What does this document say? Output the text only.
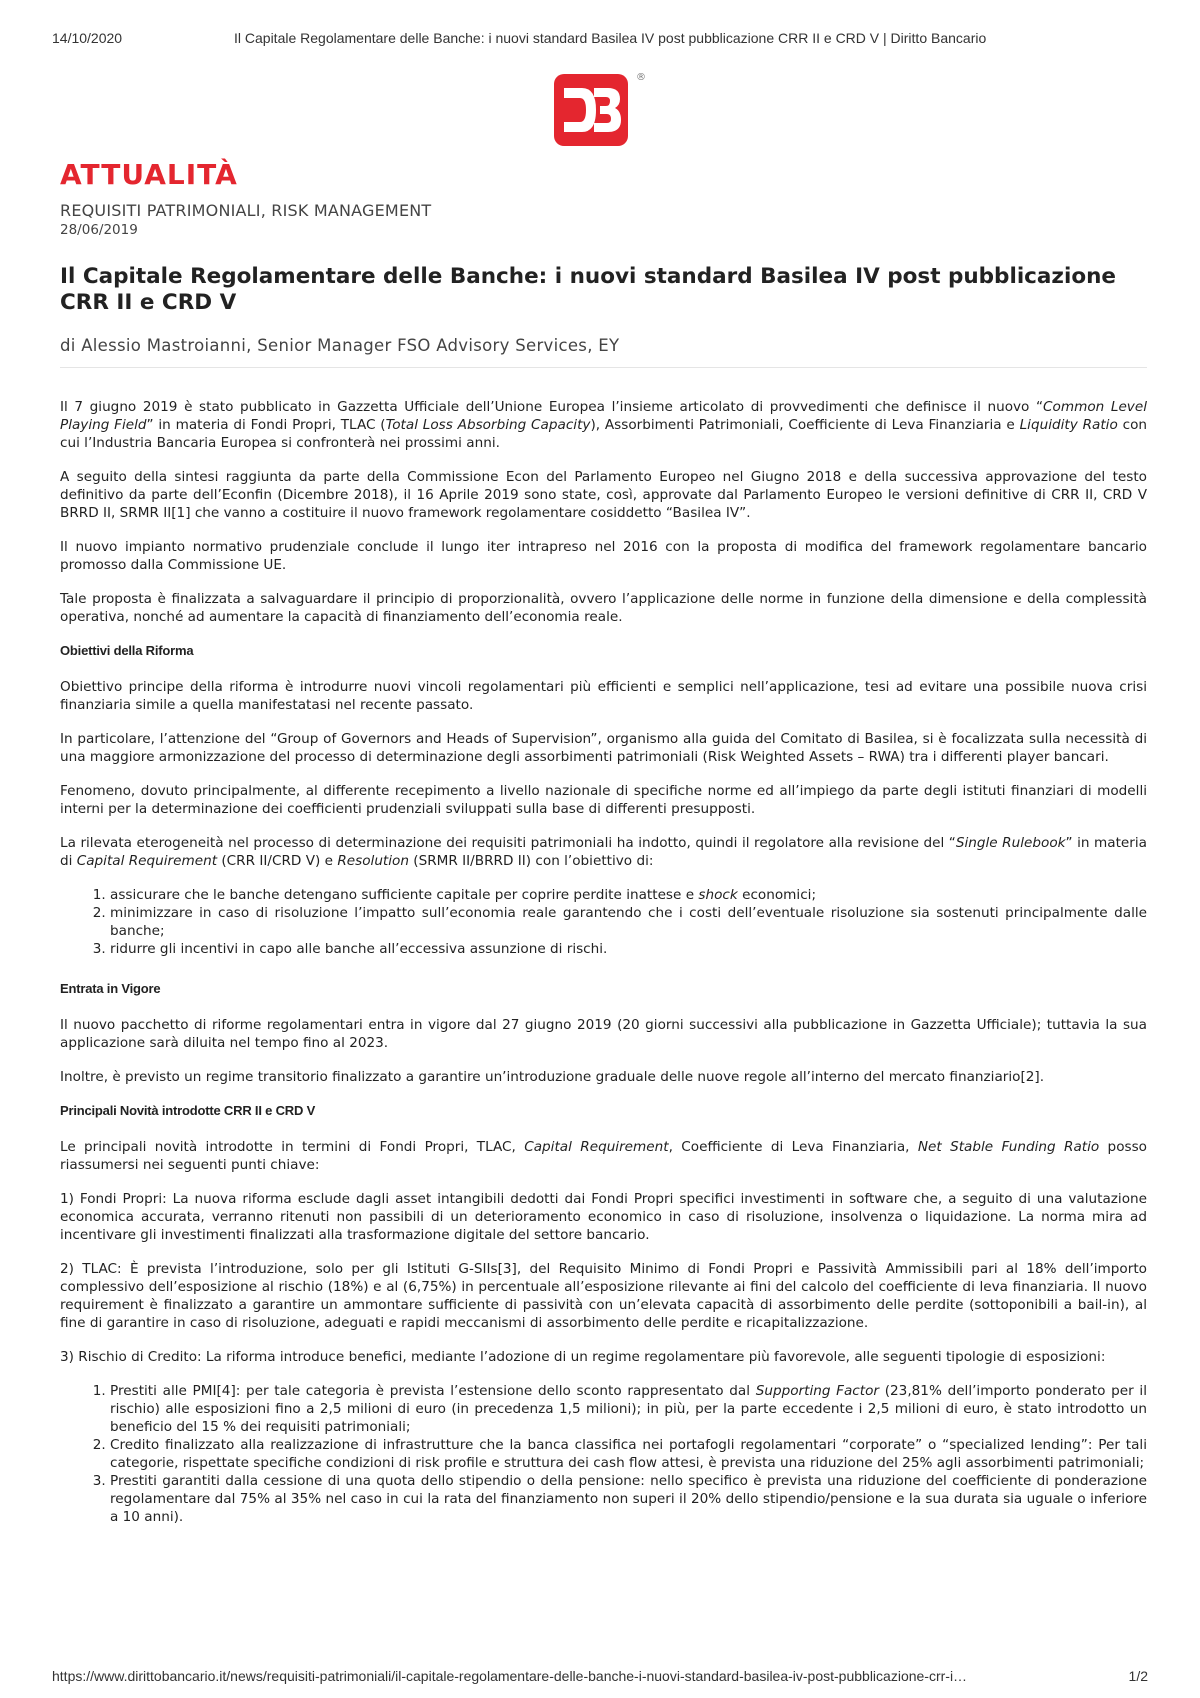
14/10/2020	Il Capitale Regolamentare delle Banche: i nuovi standard Basilea IV post pubblicazione CRR II e CRD V | Diritto Bancario
®
ATTUALITÀ

REQUISITI PATRIMONIALI, RISK MANAGEMENT

28/06/2019

Il Capitale Regolamentare delle Banche: i nuovi standard Basilea IV post pubblicazione CRR II e CRD V

di Alessio Mastroianni, Senior Manager FSO Advisory Services, EY

Il 7 giugno 2019 è stato pubblicato in Gazzetta Ufficiale dell’Unione Europea l’insieme articolato di provvedimenti che definisce il nuovo “Common Level Playing Field” in materia di Fondi Propri, TLAC (Total Loss Absorbing Capacity), Assorbimenti Patrimoniali, Coefficiente di Leva Finanziaria e Liquidity Ratio con cui l’Industria Bancaria Europea si confronterà nei prossimi anni.

A seguito della sintesi raggiunta da parte della Commissione Econ del Parlamento Europeo nel Giugno 2018 e della successiva approvazione del testo definitivo da parte dell’Econfin (Dicembre 2018), il 16 Aprile 2019 sono state, così, approvate dal Parlamento Europeo le versioni definitive di CRR II, CRD V BRRD II, SRMR II[1] che vanno a costituire il nuovo framework regolamentare cosiddetto “Basilea IV”.

Il nuovo impianto normativo prudenziale conclude il lungo iter intrapreso nel 2016 con la proposta di modifica del framework regolamentare bancario promosso dalla Commissione UE.

Tale proposta è finalizzata a salvaguardare il principio di proporzionalità, ovvero l’applicazione delle norme in funzione della dimensione e della complessità operativa, nonché ad aumentare la capacità di finanziamento dell’economia reale.

Obiettivi della Riforma

Obiettivo principe della riforma è introdurre nuovi vincoli regolamentari più efficienti e semplici nell’applicazione, tesi ad evitare una possibile nuova crisi finanziaria simile a quella manifestatasi nel recente passato.

In particolare, l’attenzione del “Group of Governors and Heads of Supervision”, organismo alla guida del Comitato di Basilea, si è focalizzata sulla necessità di una maggiore armonizzazione del processo di determinazione degli assorbimenti patrimoniali (Risk Weighted Assets – RWA) tra i differenti player bancari.

Fenomeno, dovuto principalmente, al differente recepimento a livello nazionale di specifiche norme ed all’impiego da parte degli istituti finanziari di modelli interni per la determinazione dei coefficienti prudenziali sviluppati sulla base di differenti presupposti.

La rilevata eterogeneità nel processo di determinazione dei requisiti patrimoniali ha indotto, quindi il regolatore alla revisione del “Single Rulebook” in materia di Capital Requirement (CRR II/CRD V) e Resolution (SRMR II/BRRD II) con l’obiettivo di:

1. assicurare che le banche detengano sufficiente capitale per coprire perdite inattese e shock economici;
2. minimizzare in caso di risoluzione l’impatto sull’economia reale garantendo che i costi dell’eventuale risoluzione sia sostenuti principalmente dalle banche;
3. ridurre gli incentivi in capo alle banche all’eccessiva assunzione di rischi.
Entrata in Vigore

Il nuovo pacchetto di riforme regolamentari entra in vigore dal 27 giugno 2019 (20 giorni successivi alla pubblicazione in Gazzetta Ufficiale); tuttavia la sua applicazione sarà diluita nel tempo fino al 2023.

Inoltre, è previsto un regime transitorio finalizzato a garantire un’introduzione graduale delle nuove regole all’interno del mercato finanziario[2].

Principali Novità introdotte CRR II e CRD V

Le principali novità introdotte in termini di Fondi Propri, TLAC, Capital Requirement, Coefficiente di Leva Finanziaria, Net Stable Funding Ratio posso riassumersi nei seguenti punti chiave:

1) Fondi Propri: La nuova riforma esclude dagli asset intangibili dedotti dai Fondi Propri specifici investimenti in software che, a seguito di una valutazione economica accurata, verranno ritenuti non passibili di un deterioramento economico in caso di risoluzione, insolvenza o liquidazione. La norma mira ad incentivare gli investimenti finalizzati alla trasformazione digitale del settore bancario.

2) TLAC: È prevista l’introduzione, solo per gli Istituti G-SIIs[3], del Requisito Minimo di Fondi Propri e Passività Ammissibili pari al 18% dell’importo complessivo dell’esposizione al rischio (18%) e al (6,75%) in percentuale all’esposizione rilevante ai fini del calcolo del coefficiente di leva finanziaria. Il nuovo requirement è finalizzato a garantire un ammontare sufficiente di passività con un’elevata capacità di assorbimento delle perdite (sottoponibili a bail-in), al fine di garantire in caso di risoluzione, adeguati e rapidi meccanismi di assorbimento delle perdite e ricapitalizzazione.

3) Rischio di Credito: La riforma introduce benefici, mediante l’adozione di un regime regolamentare più favorevole, alle seguenti tipologie di esposizioni:

1. Prestiti alle PMI[4]: per tale categoria è prevista l’estensione dello sconto rappresentato dal Supporting Factor (23,81% dell’importo ponderato per il rischio) alle esposizioni fino a 2,5 milioni di euro (in precedenza 1,5 milioni); in più, per la parte eccedente i 2,5 milioni di euro, è stato introdotto un beneficio del 15 % dei requisiti patrimoniali;
2. Credito finalizzato alla realizzazione di infrastrutture che la banca classifica nei portafogli regolamentari “corporate” o “specialized lending”: Per tali categorie, rispettate specifiche condizioni di risk profile e struttura dei cash flow attesi, è prevista una riduzione del 25% agli assorbimenti patrimoniali;
3. Prestiti garantiti dalla cessione di una quota dello stipendio o della pensione: nello specifico è prevista una riduzione del coefficiente di ponderazione regolamentare dal 75% al 35% nel caso in cui la rata del finanziamento non superi il 20% dello stipendio/pensione e la sua durata sia uguale o inferiore a 10 anni).
https://www.dirittobancario.it/news/requisiti-patrimoniali/il-capitale-regolamentare-delle-banche-i-nuovi-standard-basilea-iv-post-pubblicazione-crr-i…	1/2
